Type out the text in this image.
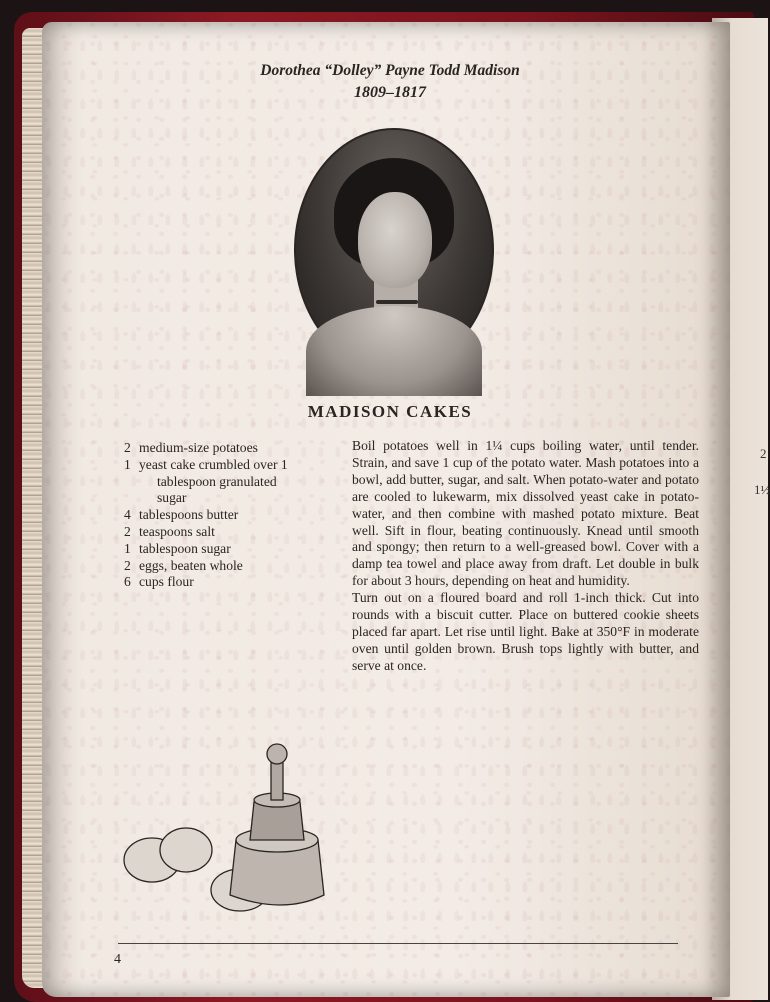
2
1½
Dorothea “Dolley” Payne Todd Madison
1809–1817
MADISON CAKES
2 medium-size potatoes
1 yeast cake crumbled over 1
tablespoon granulated
sugar
4 tablespoons butter
2 teaspoons salt
1 tablespoon sugar
2 eggs, beaten whole
6 cups flour

Boil potatoes well in 1¼ cups boiling water, until tender. Strain, and save 1 cup of the potato water. Mash potatoes into a bowl, add butter, sugar, and salt. When potato-water and potato are cooled to lukewarm, mix dissolved yeast cake in potato-water, and then combine with mashed potato mixture. Beat well. Sift in flour, beating continuously. Knead until smooth and spongy; then return to a well-greased bowl. Cover with a damp tea towel and place away from draft. Let double in bulk for about 3 hours, depending on heat and humidity.

Turn out on a floured board and roll 1-inch thick. Cut into rounds with a biscuit cutter. Place on buttered cookie sheets placed far apart. Let rise until light. Bake at 350°F in moderate oven until golden brown. Brush tops lightly with butter, and serve at once.

4
